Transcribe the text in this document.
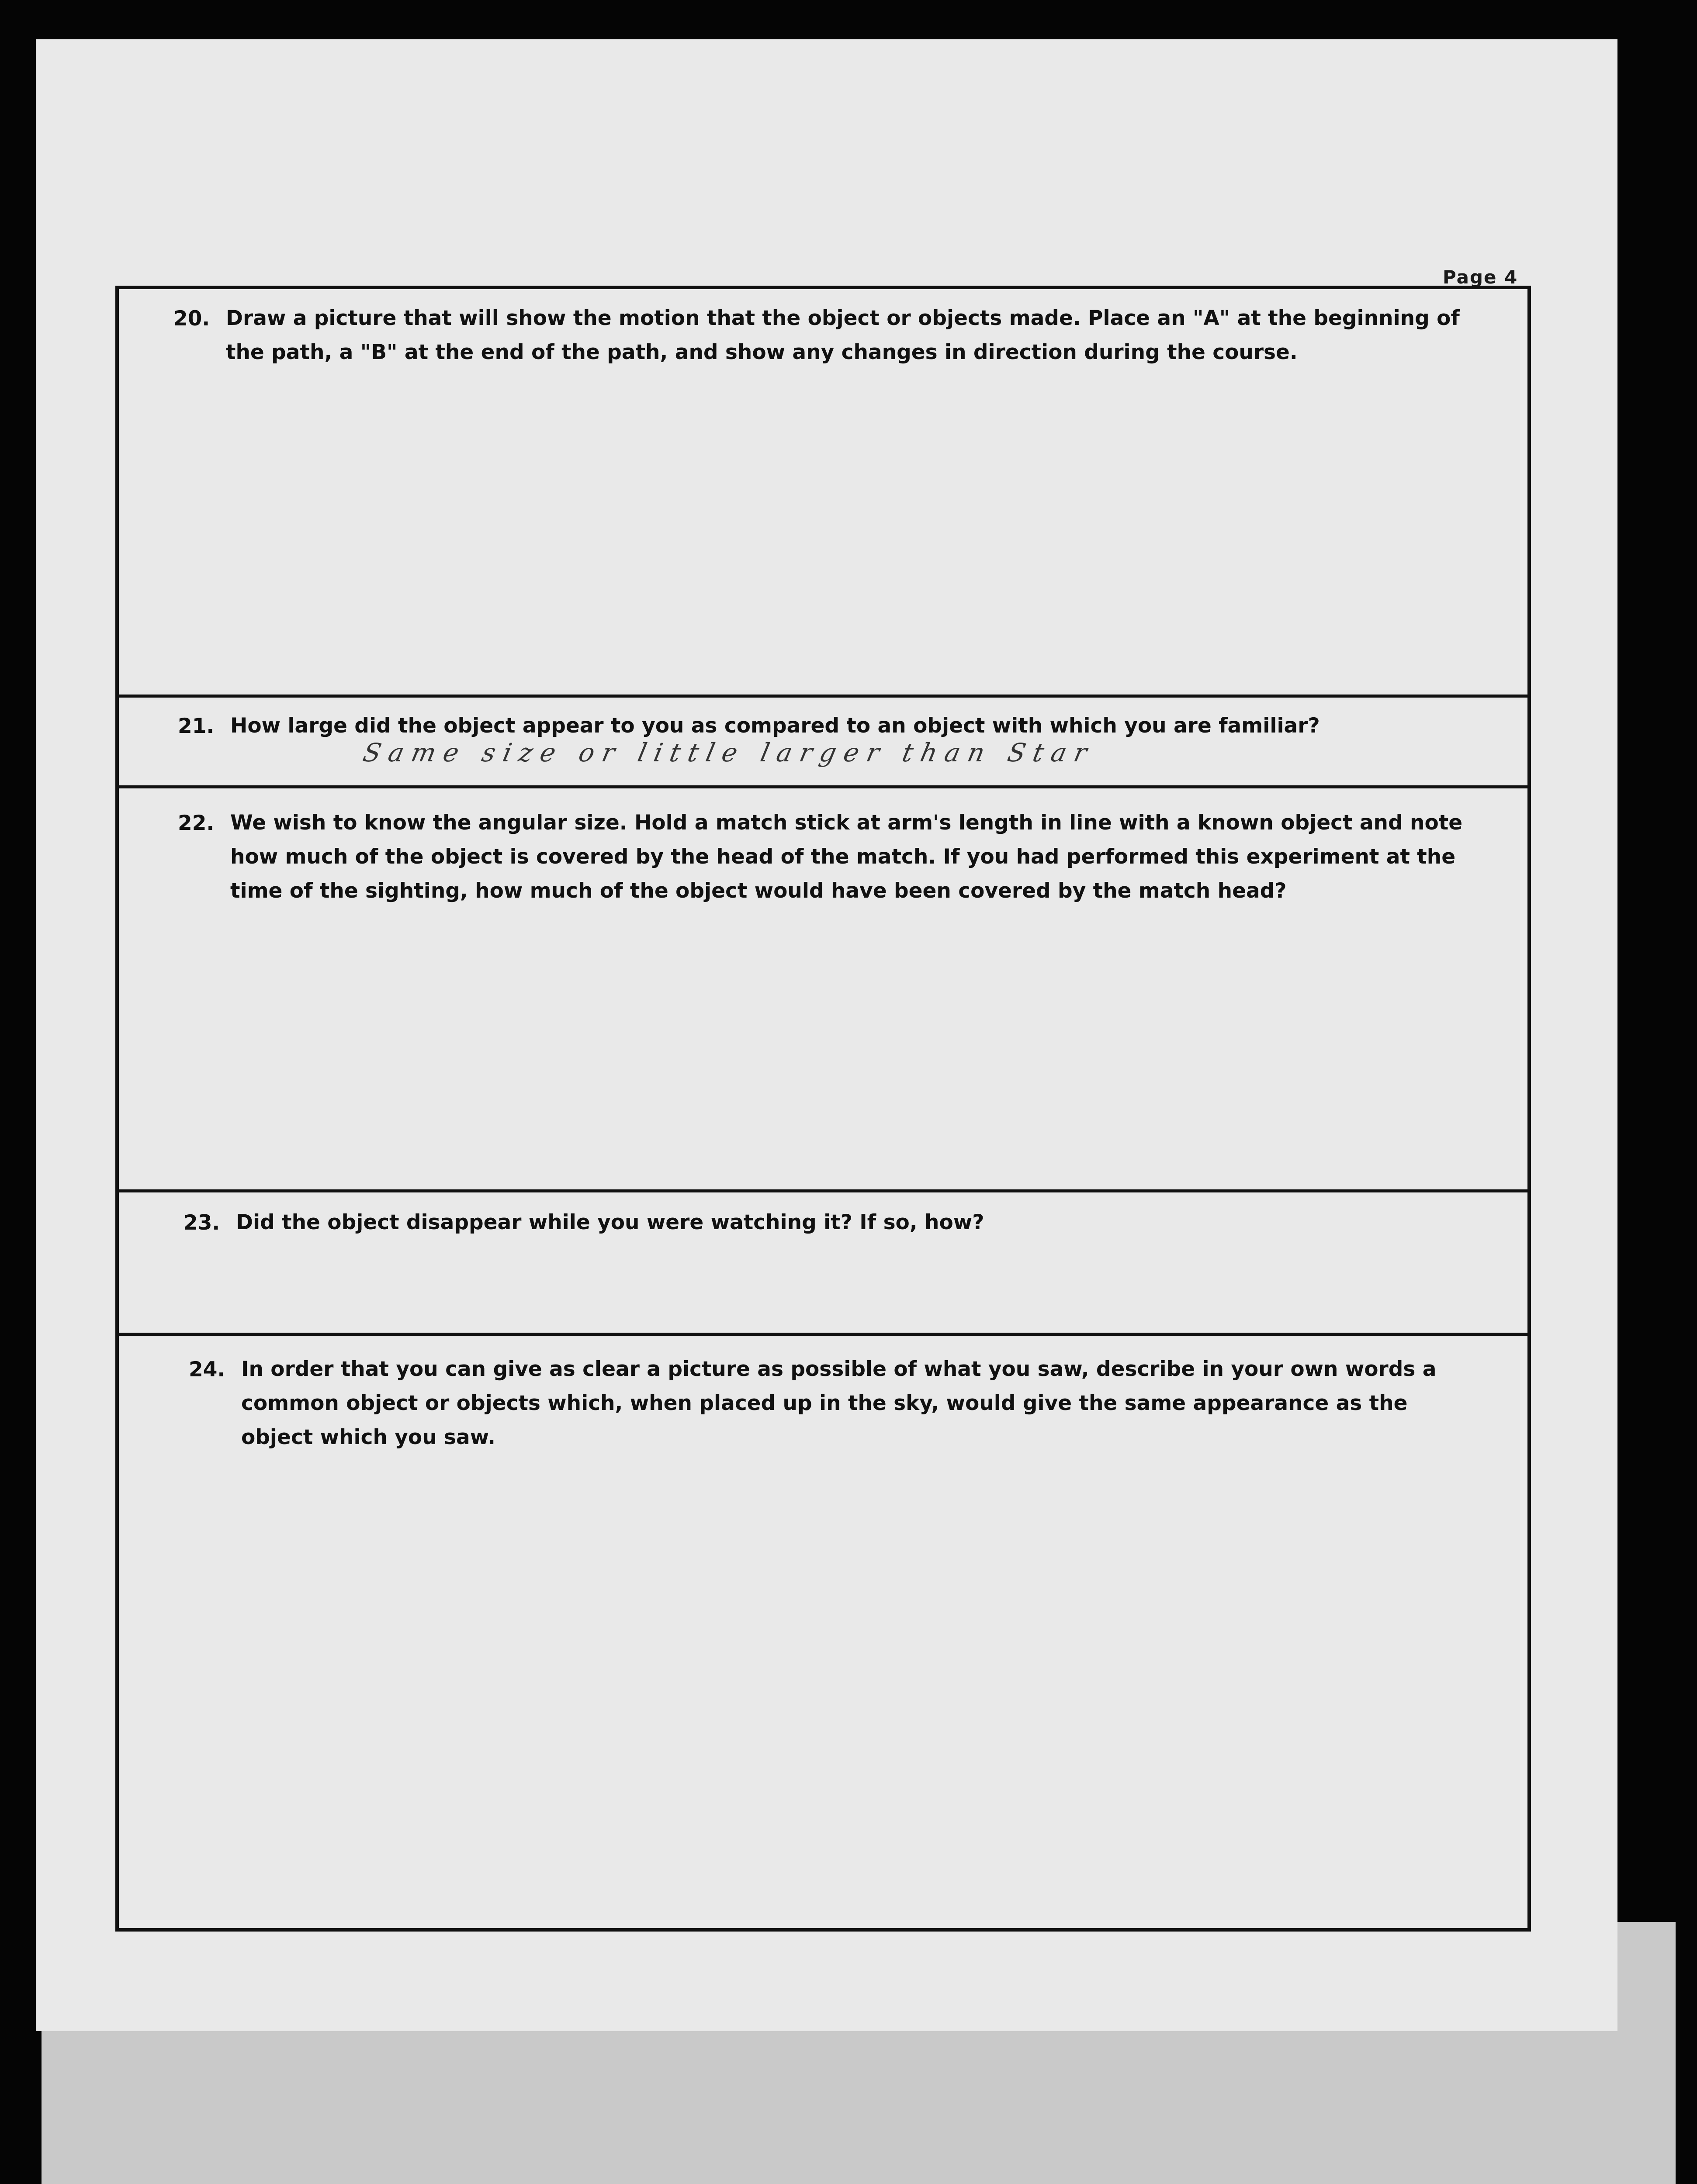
Page 4
20. Draw a picture that will show the motion that the object or objects made. Place an "A" at the beginning of the path, a "B" at the end of the path, and show any changes in direction during the course.
21. How large did the object appear to you as compared to an object with which you are familiar?
Same size or little larger than Star
22. We wish to know the angular size. Hold a match stick at arm's length in line with a known object and note how much of the object is covered by the head of the match. If you had performed this experiment at the time of the sighting, how much of the object would have been covered by the match head?
23. Did the object disappear while you were watching it? If so, how?
24. In order that you can give as clear a picture as possible of what you saw, describe in your own words a common object or objects which, when placed up in the sky, would give the same appearance as the object which you saw.
